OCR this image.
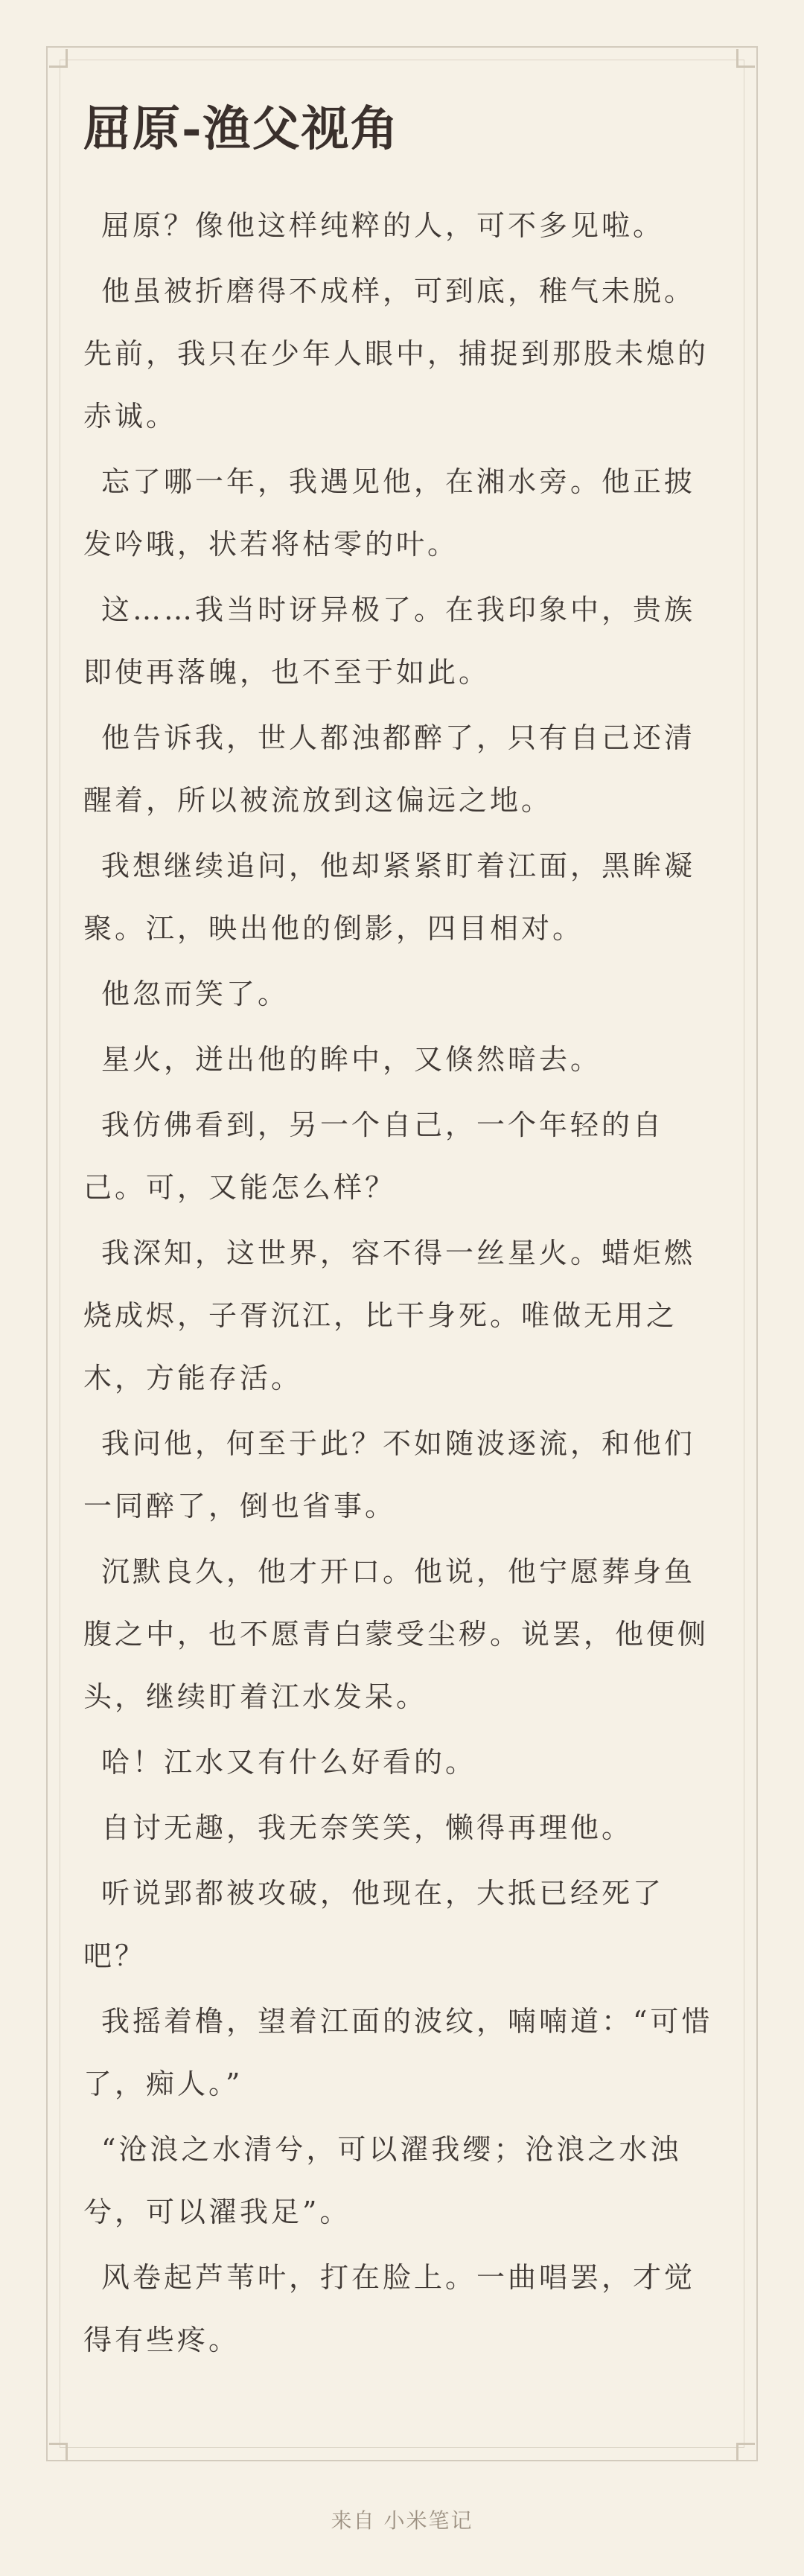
屈原-渔父视角

屈原？像他这样纯粹的人，可不多见啦。

他虽被折磨得不成样，可到底，稚气未脱。先前，我只在少年人眼中，捕捉到那股未熄的赤诚。

忘了哪一年，我遇见他，在湘水旁。他正披发吟哦，状若将枯零的叶。

这……我当时讶异极了。在我印象中，贵族即使再落魄，也不至于如此。

他告诉我，世人都浊都醉了，只有自己还清醒着，所以被流放到这偏远之地。

我想继续追问，他却紧紧盯着江面，黑眸凝聚。江，映出他的倒影，四目相对。

他忽而笑了。

星火，迸出他的眸中，又倏然暗去。

我仿佛看到，另一个自己，一个年轻的自己。可，又能怎么样？

我深知，这世界，容不得一丝星火。蜡炬燃烧成烬，子胥沉江，比干身死。唯做无用之木，方能存活。

我问他，何至于此？不如随波逐流，和他们一同醉了，倒也省事。

沉默良久，他才开口。他说，他宁愿葬身鱼腹之中，也不愿青白蒙受尘秽。说罢，他便侧头，继续盯着江水发呆。

哈！江水又有什么好看的。

自讨无趣，我无奈笑笑，懒得再理他。

听说郢都被攻破，他现在，大抵已经死了吧？

我摇着橹，望着江面的波纹，喃喃道：“可惜了，痴人。”

“沧浪之水清兮，可以濯我缨；沧浪之水浊兮，可以濯我足”。

风卷起芦苇叶，打在脸上。一曲唱罢，才觉得有些疼。

来自 小米笔记
